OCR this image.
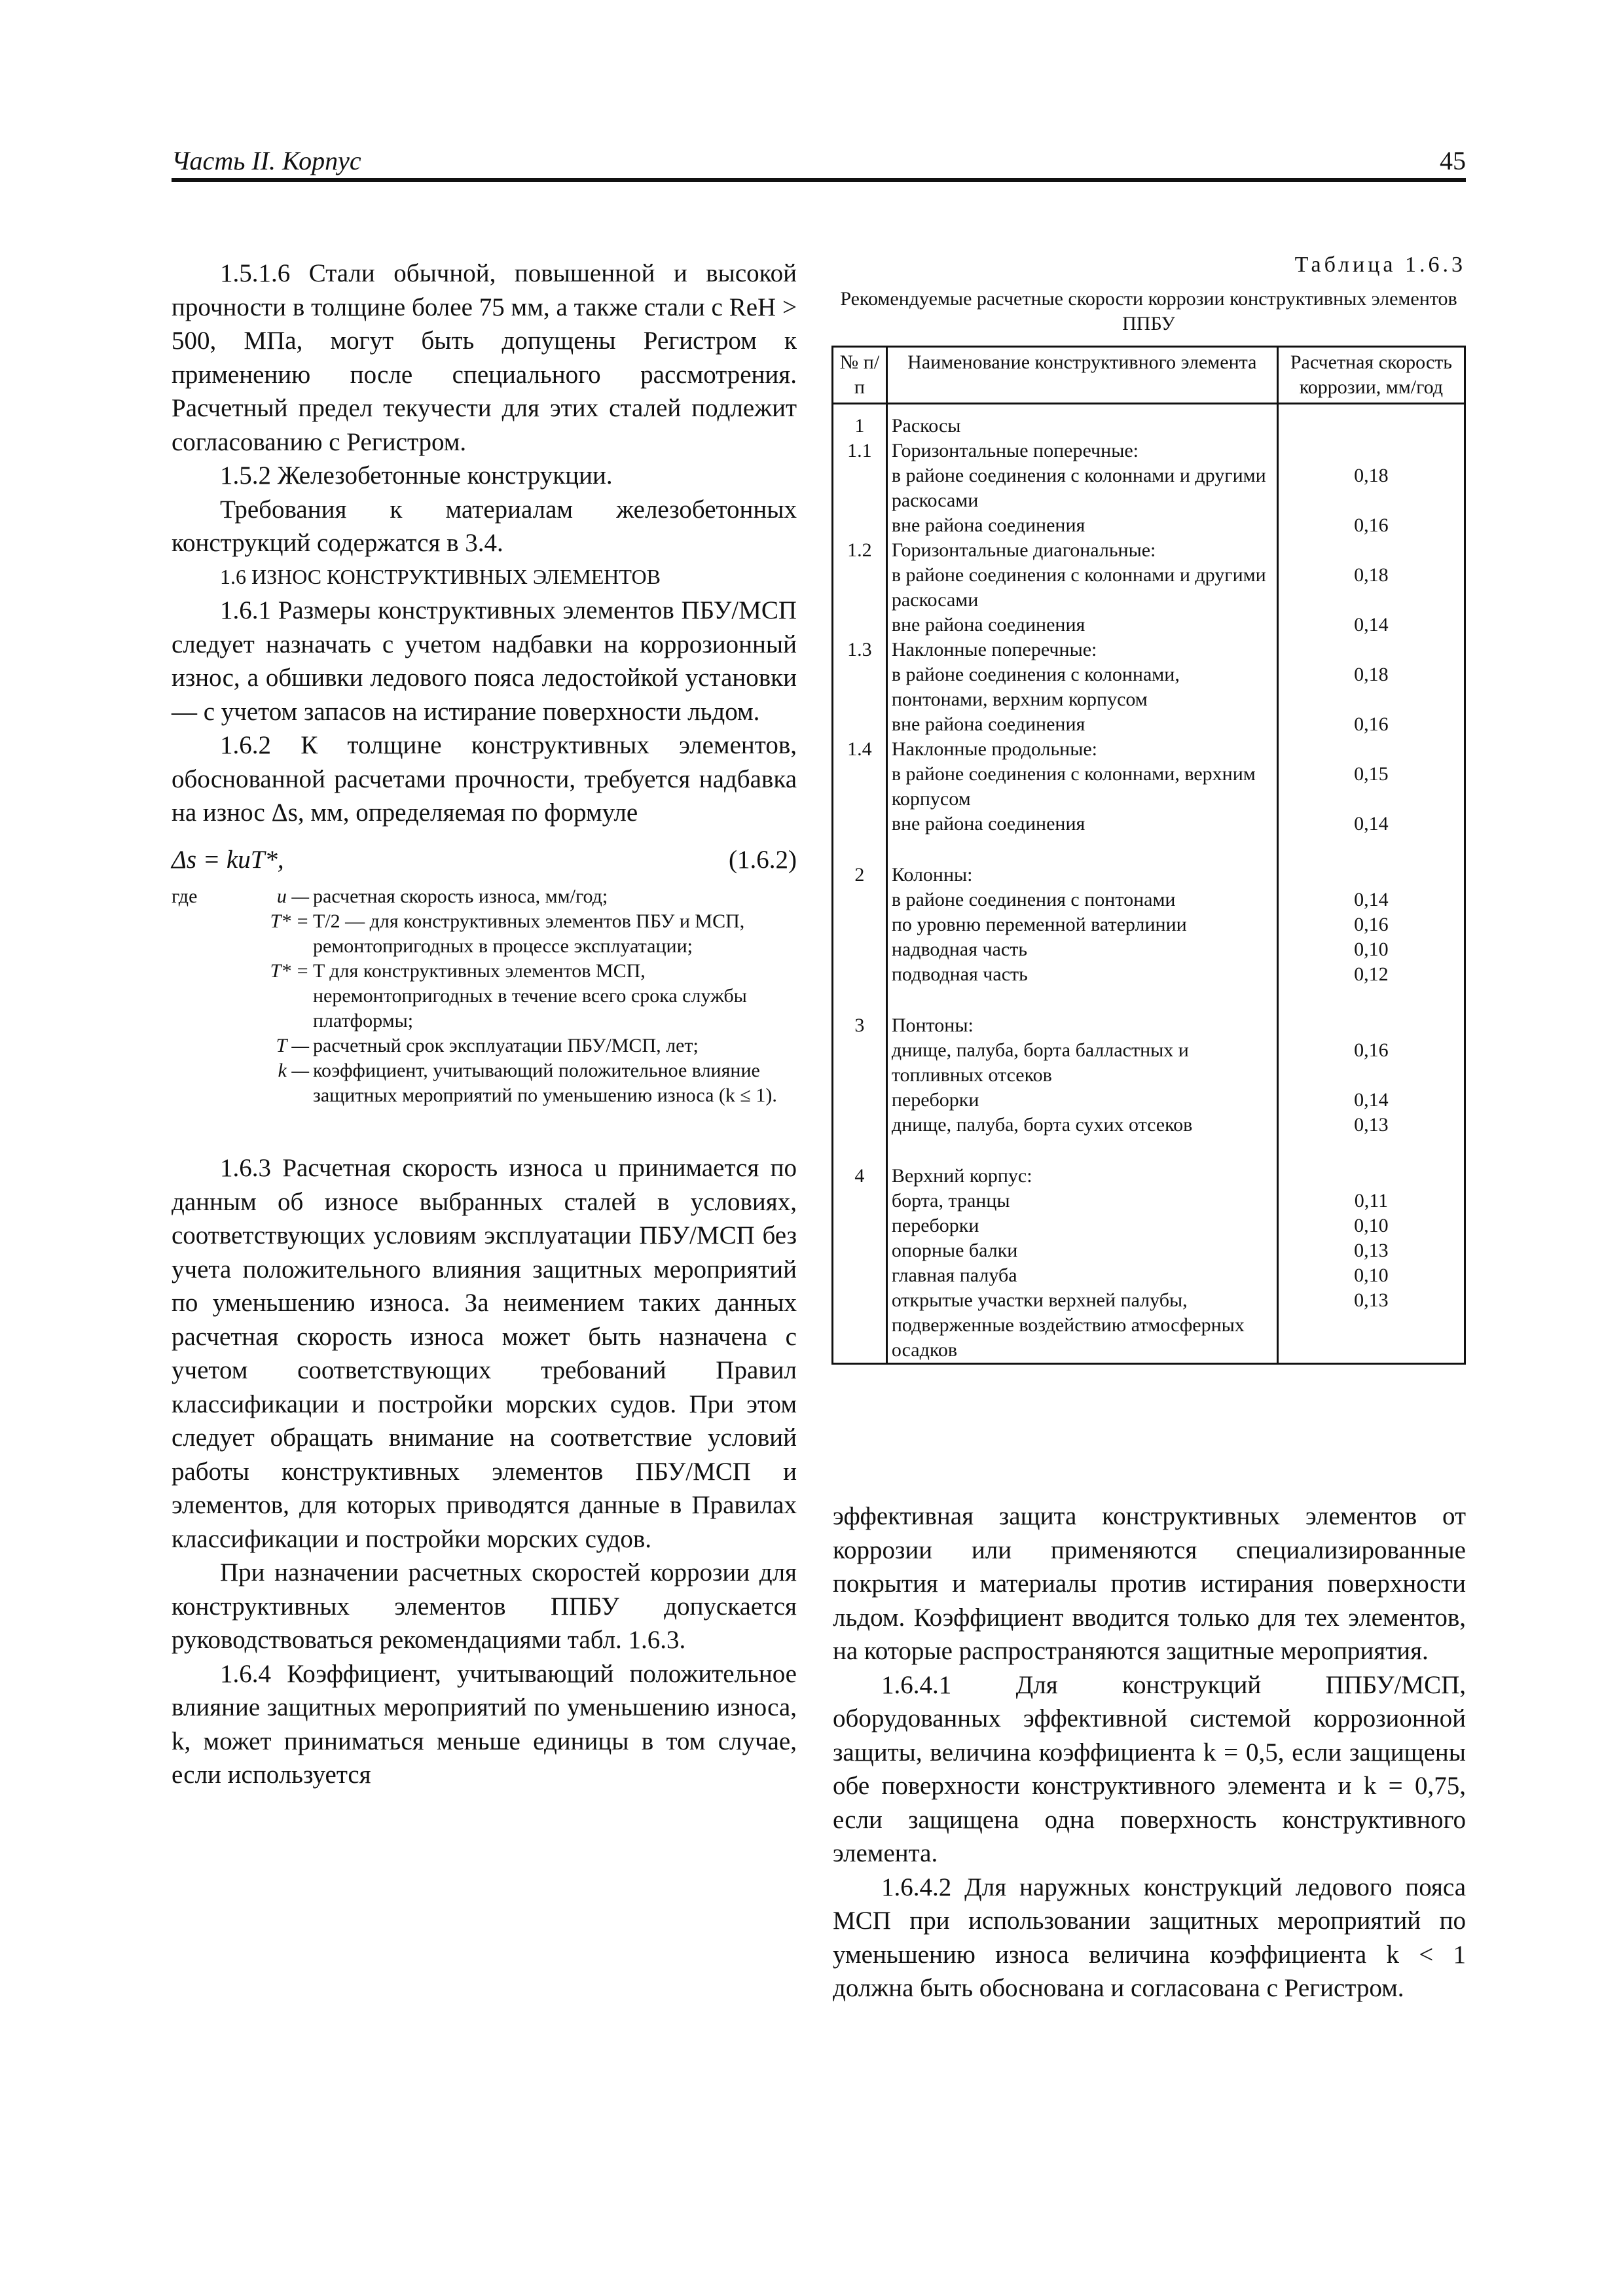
Часть II. Корпус	45

1.5.1.6 Стали обычной, повышенной и высокой прочности в толщине более 75 мм, а также стали с ReH > 500, МПа, могут быть допущены Регистром к применению после специального рассмотрения. Расчетный предел текучести для этих сталей подлежит согласованию с Регистром.

1.5.2 Железобетонные конструкции.

Требования к материалам железобетонных конструкций содержатся в 3.4.

1.6 ИЗНОС КОНСТРУКТИВНЫХ ЭЛЕМЕНТОВ

1.6.1 Размеры конструктивных элементов ПБУ/МСП следует назначать с учетом надбавки на коррозионный износ, а обшивки ледового пояса ледостойкой установки — с учетом запасов на истирание поверхности льдом.

1.6.2 К толщине конструктивных элементов, обоснованной расчетами прочности, требуется надбавка на износ Δs, мм, определяемая по формуле

Δs = kuT*,	(1.6.2)
где	u — расчетная скорость износа, мм/год;
T* = T/2 — для конструктивных элементов ПБУ и МСП, ремонтопригодных в процессе эксплуатации;
T* = T для конструктивных элементов МСП, неремонтопригодных в течение всего срока службы платформы;
T — расчетный срок эксплуатации ПБУ/МСП, лет;
k — коэффициент, учитывающий положительное влияние защитных мероприятий по уменьшению износа (k ≤ 1).

1.6.3 Расчетная скорость износа u принимается по данным об износе выбранных сталей в условиях, соответствующих условиям эксплуатации ПБУ/МСП без учета положительного влияния защитных мероприятий по уменьшению износа. За неимением таких данных расчетная скорость износа может быть назначена с учетом соответствующих требований Правил классификации и постройки морских судов. При этом следует обращать внимание на соответствие условий работы конструктивных элементов ПБУ/МСП и элементов, для которых приводятся данные в Правилах классификации и постройки морских судов.

При назначении расчетных скоростей коррозии для конструктивных элементов ППБУ допускается руководствоваться рекомендациями табл. 1.6.3.

1.6.4 Коэффициент, учитывающий положительное влияние защитных мероприятий по уменьшению износа, k, может приниматься меньше единицы в том случае, если используется

Таблица 1.6.3
Рекомендуемые расчетные скорости коррозии конструктивных элементов ППБУ
№ п/п	Наименование конструктивного элемента	Расчетная скорость коррозии, мм/год
1	Раскосы	
1.1	Горизонтальные поперечные:	
	в районе соединения с колоннами и другими раскосами	0,18
	вне района соединения	0,16
1.2	Горизонтальные диагональные:	
	в районе соединения с колоннами и другими раскосами	0,18
	вне района соединения	0,14
1.3	Наклонные поперечные:	
	в районе соединения с колоннами, понтонами, верхним корпусом	0,18
	вне района соединения	0,16
1.4	Наклонные продольные:	
	в районе соединения с колоннами, верхним корпусом	0,15
	вне района соединения	0,14
2	Колонны:	
	в районе соединения с понтонами	0,14
	по уровню переменной ватерлинии	0,16
	надводная часть	0,10
	подводная часть	0,12
3	Понтоны:	
	днище, палуба, борта балластных и топливных отсеков	0,16
	переборки	0,14
	днище, палуба, борта сухих отсеков	0,13
4	Верхний корпус:	
	борта, транцы	0,11
	переборки	0,10
	опорные балки	0,13
	главная палуба	0,10
	открытые участки верхней палубы, подверженные воздействию атмосферных осадков	0,13

эффективная защита конструктивных элементов от коррозии или применяются специализированные покрытия и материалы против истирания поверхности льдом. Коэффициент вводится только для тех элементов, на которые распространяются защитные мероприятия.

1.6.4.1 Для конструкций ППБУ/МСП, оборудованных эффективной системой коррозионной защиты, величина коэффициента k = 0,5, если защищены обе поверхности конструктивного элемента и k = 0,75, если защищена одна поверхность конструктивного элемента.

1.6.4.2 Для наружных конструкций ледового пояса МСП при использовании защитных мероприятий по уменьшению износа величина коэффициента k < 1 должна быть обоснована и согласована с Регистром.
